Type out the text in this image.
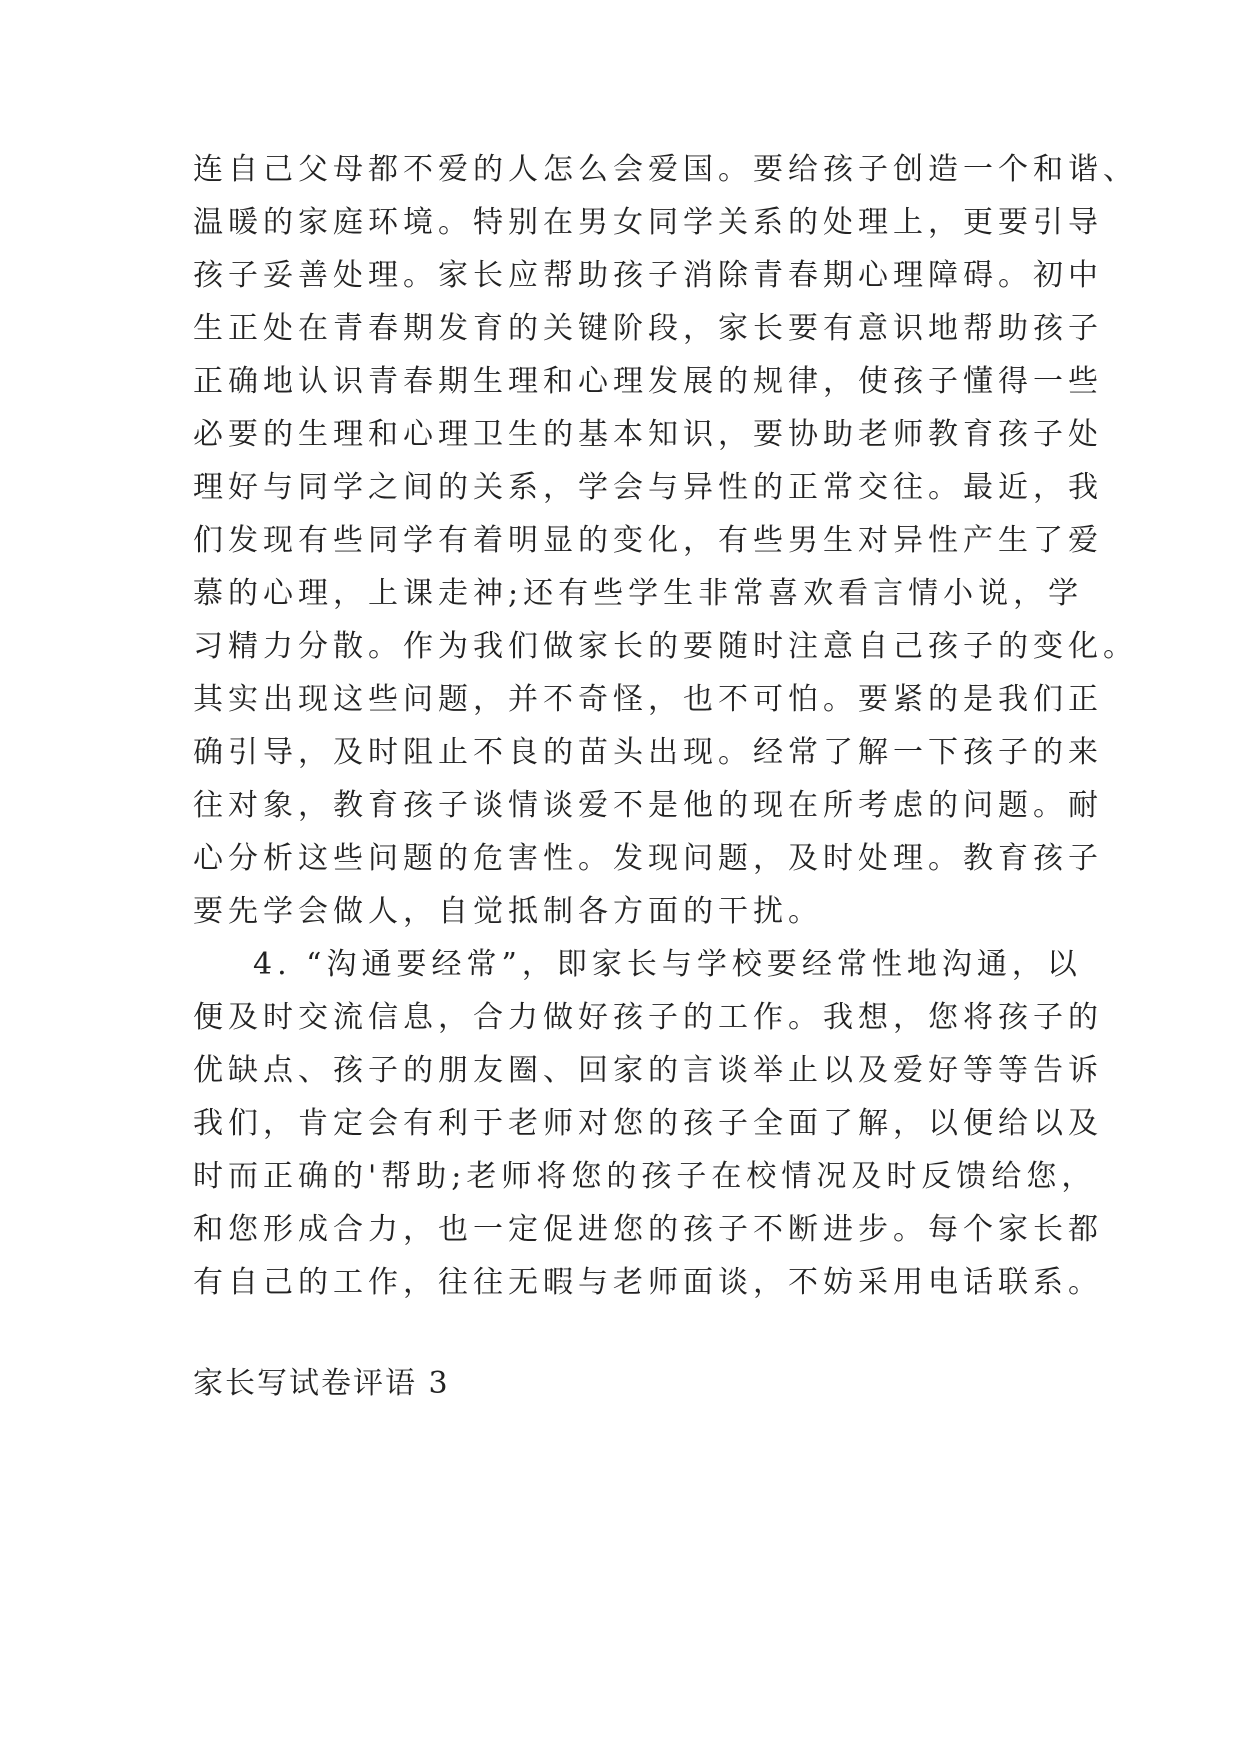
连自己父母都不爱的人怎么会爱国。要给孩子创造一个和谐、
温暖的家庭环境。特别在男女同学关系的处理上，更要引导
孩子妥善处理。家长应帮助孩子消除青春期心理障碍。初中
生正处在青春期发育的关键阶段，家长要有意识地帮助孩子
正确地认识青春期生理和心理发展的规律，使孩子懂得一些
必要的生理和心理卫生的基本知识，要协助老师教育孩子处
理好与同学之间的关系，学会与异性的正常交往。最近，我
们发现有些同学有着明显的变化，有些男生对异性产生了爱
慕的心理，上课走神;还有些学生非常喜欢看言情小说，学
习精力分散。作为我们做家长的要随时注意自己孩子的变化。
其实出现这些问题，并不奇怪，也不可怕。要紧的是我们正
确引导，及时阻止不良的苗头出现。经常了解一下孩子的来
往对象，教育孩子谈情谈爱不是他的现在所考虑的问题。耐
心分析这些问题的危害性。发现问题，及时处理。教育孩子
要先学会做人，自觉抵制各方面的干扰。
4. “沟通要经常”，即家长与学校要经常性地沟通，以
便及时交流信息，合力做好孩子的工作。我想，您将孩子的
优缺点、孩子的朋友圈、回家的言谈举止以及爱好等等告诉
我们，肯定会有利于老师对您的孩子全面了解，以便给以及
时而正确的'帮助;老师将您的孩子在校情况及时反馈给您，
和您形成合力，也一定促进您的孩子不断进步。每个家长都
有自己的工作，往往无暇与老师面谈，不妨采用电话联系。
家长写试卷评语 3
